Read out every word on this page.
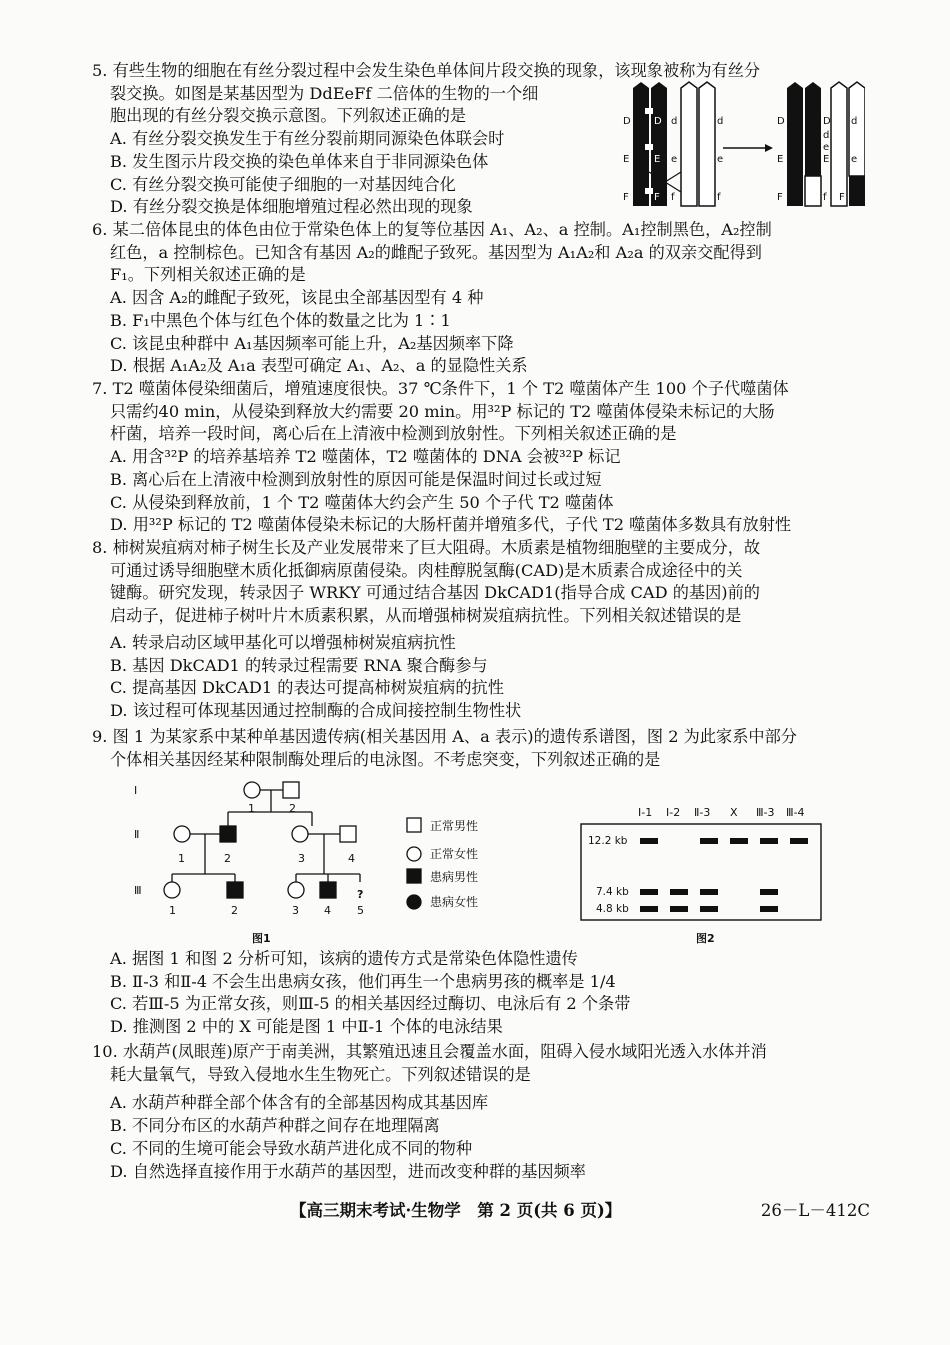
5. 有些生物的细胞在有丝分裂过程中会发生染色单体间片段交换的现象，该现象被称为有丝分
裂交换。如图是某基因型为 DdEeFf 二倍体的生物的一个细
胞出现的有丝分裂交换示意图。下列叙述正确的是
A. 有丝分裂交换发生于有丝分裂前期同源染色体联会时
B. 发生图示片段交换的染色单体来自于非同源染色体
C. 有丝分裂交换可能使子细胞的一对基因纯合化
D. 有丝分裂交换是体细胞增殖过程必然出现的现象
D D d	d
E E e	e
F	F f	f
D	D d
d
E	E e
e
F	f F
f
6. 某二倍体昆虫的体色由位于常染色体上的复等位基因 A₁、A₂、a 控制。A₁控制黑色，A₂控制
红色，a 控制棕色。已知含有基因 A₂的雌配子致死。基因型为 A₁A₂和 A₂a 的双亲交配得到
F₁。下列相关叙述正确的是
A. 因含 A₂的雌配子致死，该昆虫全部基因型有 4 种
B. F₁中黑色个体与红色个体的数量之比为 1∶1
C. 该昆虫种群中 A₁基因频率可能上升，A₂基因频率下降
D. 根据 A₁A₂及 A₁a 表型可确定 A₁、A₂、a 的显隐性关系
7. T2 噬菌体侵染细菌后，增殖速度很快。37 ℃条件下，1 个 T2 噬菌体产生 100 个子代噬菌体
只需约40 min，从侵染到释放大约需要 20 min。用³²P 标记的 T2 噬菌体侵染未标记的大肠
杆菌，培养一段时间，离心后在上清液中检测到放射性。下列相关叙述正确的是
A. 用含³²P 的培养基培养 T2 噬菌体，T2 噬菌体的 DNA 会被³²P 标记
B. 离心后在上清液中检测到放射性的原因可能是保温时间过长或过短
C. 从侵染到释放前，1 个 T2 噬菌体大约会产生 50 个子代 T2 噬菌体
D. 用³²P 标记的 T2 噬菌体侵染未标记的大肠杆菌并增殖多代，子代 T2 噬菌体多数具有放射性
8. 柿树炭疽病对柿子树生长及产业发展带来了巨大阻碍。木质素是植物细胞壁的主要成分，故
可通过诱导细胞壁木质化抵御病原菌侵染。肉桂醇脱氢酶(CAD)是木质素合成途径中的关
键酶。研究发现，转录因子 WRKY 可通过结合基因 DkCAD1(指导合成 CAD 的基因)前的
启动子，促进柿子树叶片木质素积累，从而增强柿树炭疽病抗性。下列相关叙述错误的是
A. 转录启动区域甲基化可以增强柿树炭疽病抗性
B. 基因 DkCAD1 的转录过程需要 RNA 聚合酶参与
C. 提高基因 DkCAD1 的表达可提高柿树炭疽病的抗性
D. 该过程可体现基因通过控制酶的合成间接控制生物性状
9. 图 1 为某家系中某种单基因遗传病(相关基因用 A、a 表示)的遗传系谱图，图 2 为此家系中部分
个体相关基因经某种限制酶处理后的电泳图。不考虑突变，下列叙述正确的是
Ⅰ
Ⅱ
Ⅲ
1	2
1	2	3	4
1	2	3 4 5
?
图1
正常男性
正常女性
患病男性
患病女性
Ⅰ-1 Ⅰ-2 Ⅱ-3 X Ⅲ-3 Ⅲ-4
12.2 kb
7.4 kb
4.8 kb
图2
A. 据图 1 和图 2 分析可知，该病的遗传方式是常染色体隐性遗传
B. Ⅱ-3 和Ⅱ-4 不会生出患病女孩，他们再生一个患病男孩的概率是 1/4
C. 若Ⅲ-5 为正常女孩，则Ⅲ-5 的相关基因经过酶切、电泳后有 2 个条带
D. 推测图 2 中的 X 可能是图 1 中Ⅱ-1 个体的电泳结果
10. 水葫芦(凤眼莲)原产于南美洲，其繁殖迅速且会覆盖水面，阻碍入侵水域阳光透入水体并消
耗大量氧气，导致入侵地水生生物死亡。下列叙述错误的是
A. 水葫芦种群全部个体含有的全部基因构成其基因库
B. 不同分布区的水葫芦种群之间存在地理隔离
C. 不同的生境可能会导致水葫芦进化成不同的物种
D. 自然选择直接作用于水葫芦的基因型，进而改变种群的基因频率
【高三期末考试·生物学　第 2 页(共 6 页)】	26－L－412C
